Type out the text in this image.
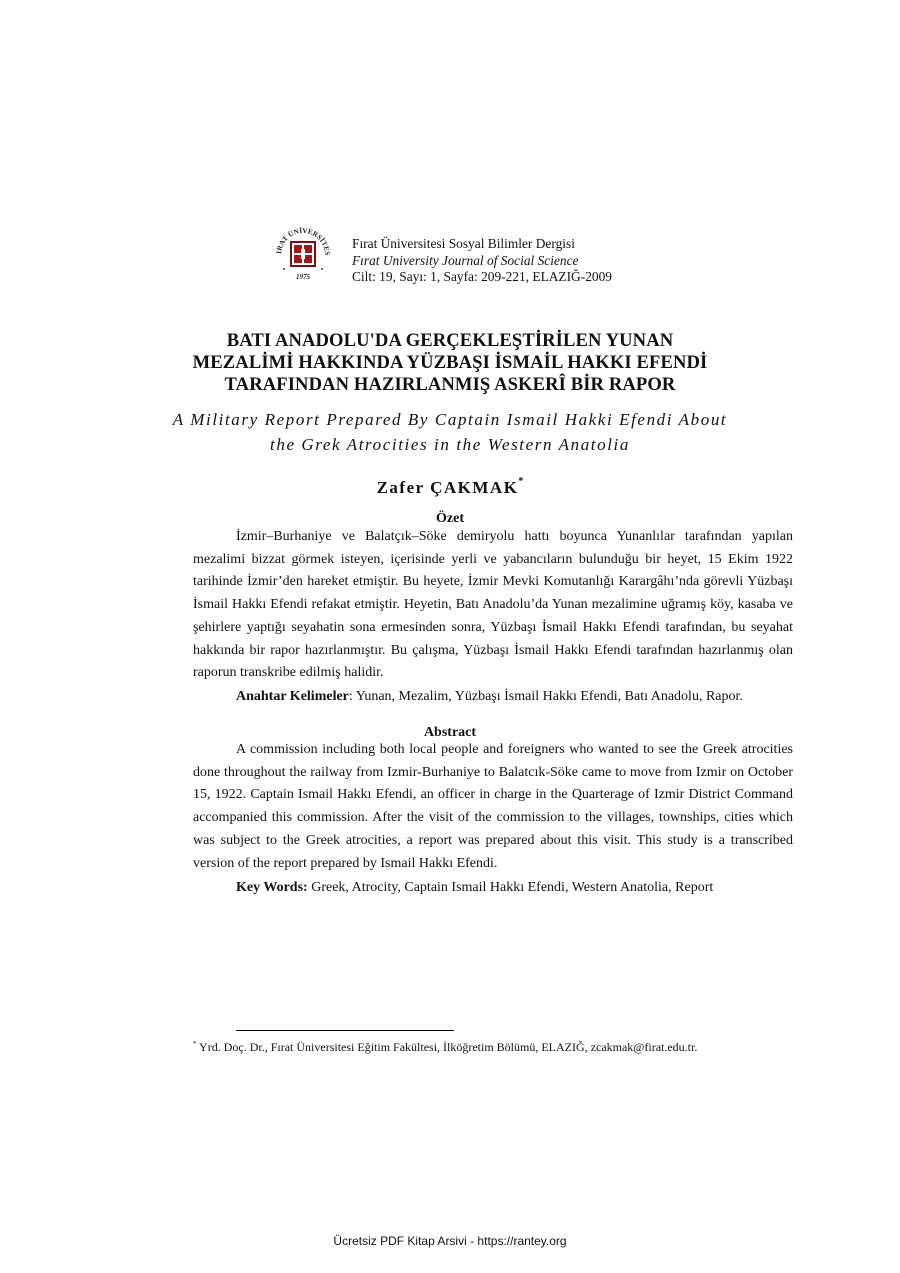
IRAT ÜNİVERSİTES
1975
Fırat Üniversitesi Sosyal Bilimler Dergisi
Fırat University Journal of Social Science
Cilt: 19, Sayı: 1, Sayfa: 209-221, ELAZIĞ-2009
BATI ANADOLU'DA GERÇEKLEŞTİRİLEN YUNAN
MEZALİMİ HAKKINDA YÜZBAŞI İSMAİL HAKKI EFENDİ
TARAFINDAN HAZIRLANMIŞ ASKERÎ BİR RAPOR
A Military Report Prepared By Captain Ismail Hakki Efendi About
the Grek Atrocities in the Western Anatolia
Zafer ÇAKMAK*
Özet
İzmir–Burhaniye ve Balatçık–Söke demiryolu hattı boyunca Yunanlılar tarafından yapılan mezalimi bizzat görmek isteyen, içerisinde yerli ve yabancıların bulunduğu bir heyet, 15 Ekim 1922 tarihinde İzmir’den hareket etmiştir. Bu heyete, İzmir Mevki Komutanlığı Karargâhı’nda görevli Yüzbaşı İsmail Hakkı Efendi refakat etmiştir. Heyetin, Batı Anadolu’da Yunan mezalimine uğramış köy, kasaba ve şehirlere yaptığı seyahatin sona ermesinden sonra, Yüzbaşı İsmail Hakkı Efendi tarafından, bu seyahat hakkında bir rapor hazırlanmıştır. Bu çalışma, Yüzbaşı İsmail Hakkı Efendi tarafından hazırlanmış olan raporun transkribe edilmiş halidir.
Anahtar Kelimeler: Yunan, Mezalim, Yüzbaşı İsmail Hakkı Efendi, Batı Anadolu, Rapor.
Abstract
A commission including both local people and foreigners who wanted to see the Greek atrocities done throughout the railway from Izmir-Burhaniye to Balatcık-Söke came to move from Izmir on October 15, 1922. Captain Ismail Hakkı Efendi, an officer in charge in the Quarterage of Izmir District Command accompanied this commission. After the visit of the commission to the villages, townships, cities which was subject to the Greek atrocities, a report was prepared about this visit. This study is a transcribed version of the report prepared by Ismail Hakkı Efendi.
Key Words: Greek, Atrocity, Captain Ismail Hakkı Efendi, Western Anatolia, Report
* Yrd. Doç. Dr., Fırat Üniversitesi Eğitim Fakültesi, İlköğretim Bölümü, ELAZIĞ, zcakmak@firat.edu.tr.
Ücretsiz PDF Kitap Arsivi - https://rantey.org
